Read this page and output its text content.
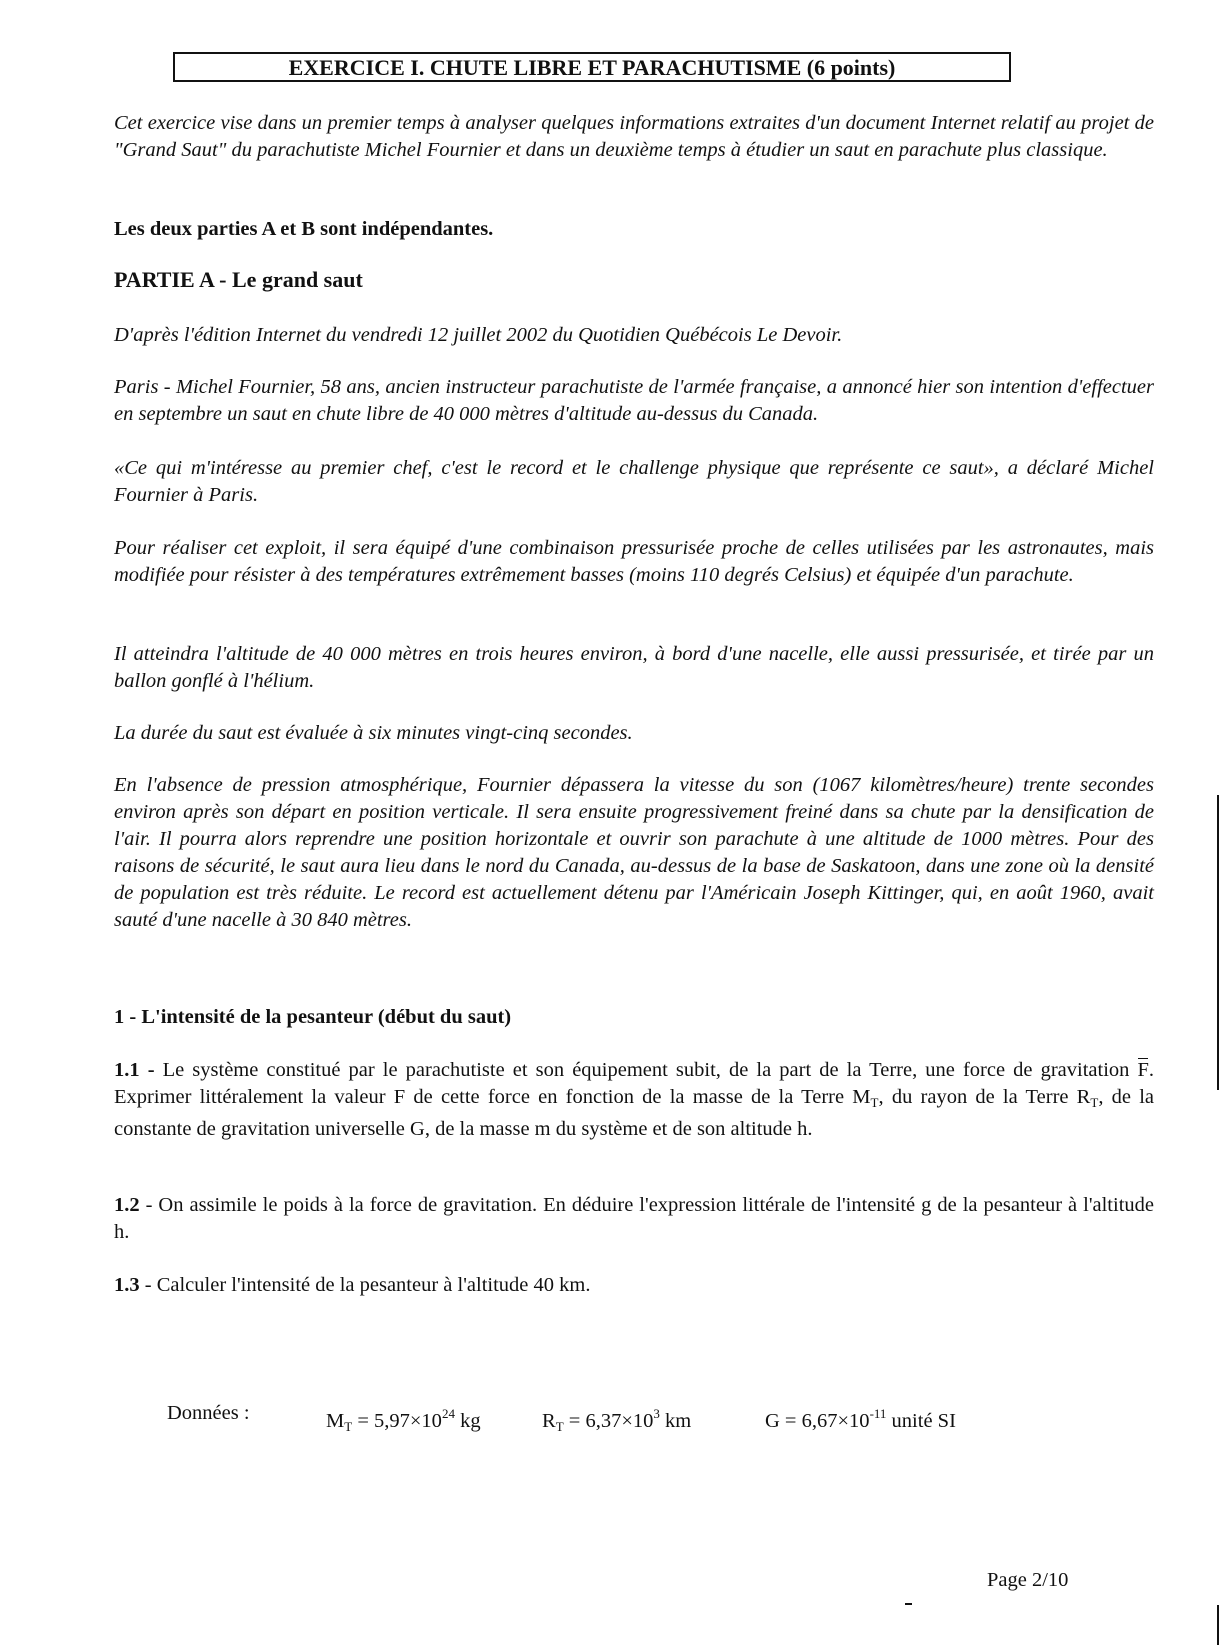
EXERCICE I. CHUTE LIBRE ET PARACHUTISME (6 points)
Cet exercice vise dans un premier temps à analyser quelques informations extraites d'un document Internet relatif au projet de "Grand Saut" du parachutiste Michel Fournier et dans un deuxième temps à étudier un saut en parachute plus classique.
Les deux parties A et B sont indépendantes.
PARTIE A - Le grand saut
D'après l'édition Internet du vendredi 12 juillet 2002 du Quotidien Québécois Le Devoir.
Paris - Michel Fournier, 58 ans, ancien instructeur parachutiste de l'armée française, a annoncé hier son intention d'effectuer en septembre un saut en chute libre de 40 000 mètres d'altitude au-dessus du Canada.
«Ce qui m'intéresse au premier chef, c'est le record et le challenge physique que représente ce saut», a déclaré Michel Fournier à Paris.
Pour réaliser cet exploit, il sera équipé d'une combinaison pressurisée proche de celles utilisées par les astronautes, mais modifiée pour résister à des températures extrêmement basses (moins 110 degrés Celsius) et équipée d'un parachute.
Il atteindra l'altitude de 40 000 mètres en trois heures environ, à bord d'une nacelle, elle aussi pressurisée, et tirée par un ballon gonflé à l'hélium.
La durée du saut est évaluée à six minutes vingt-cinq secondes.
En l'absence de pression atmosphérique, Fournier dépassera la vitesse du son (1067 kilomètres/heure) trente secondes environ après son départ en position verticale. Il sera ensuite progressivement freiné dans sa chute par la densification de l'air. Il pourra alors reprendre une position horizontale et ouvrir son parachute à une altitude de 1000 mètres. Pour des raisons de sécurité, le saut aura lieu dans le nord du Canada, au-dessus de la base de Saskatoon, dans une zone où la densité de population est très réduite. Le record est actuellement détenu par l'Américain Joseph Kittinger, qui, en août 1960, avait sauté d'une nacelle à 30 840 mètres.
1 - L'intensité de la pesanteur (début du saut)
1.1 - Le système constitué par le parachutiste et son équipement subit, de la part de la Terre, une force de gravitation F. Exprimer littéralement la valeur F de cette force en fonction de la masse de la Terre $M_T$, du rayon de la Terre $R_T$, de la constante de gravitation universelle G, de la masse m du système et de son altitude h.
1.2 - On assimile le poids à la force de gravitation. En déduire l'expression littérale de l'intensité g de la pesanteur à l'altitude h.
1.3 - Calculer l'intensité de la pesanteur à l'altitude 40 km.
Données :	$M_T = 5,97\times 10^{24}$ kg	$R_T = 6,37\times 10^3$ km	$G = 6,67\times 10^{-11}$ unité SI
Page 2/10
